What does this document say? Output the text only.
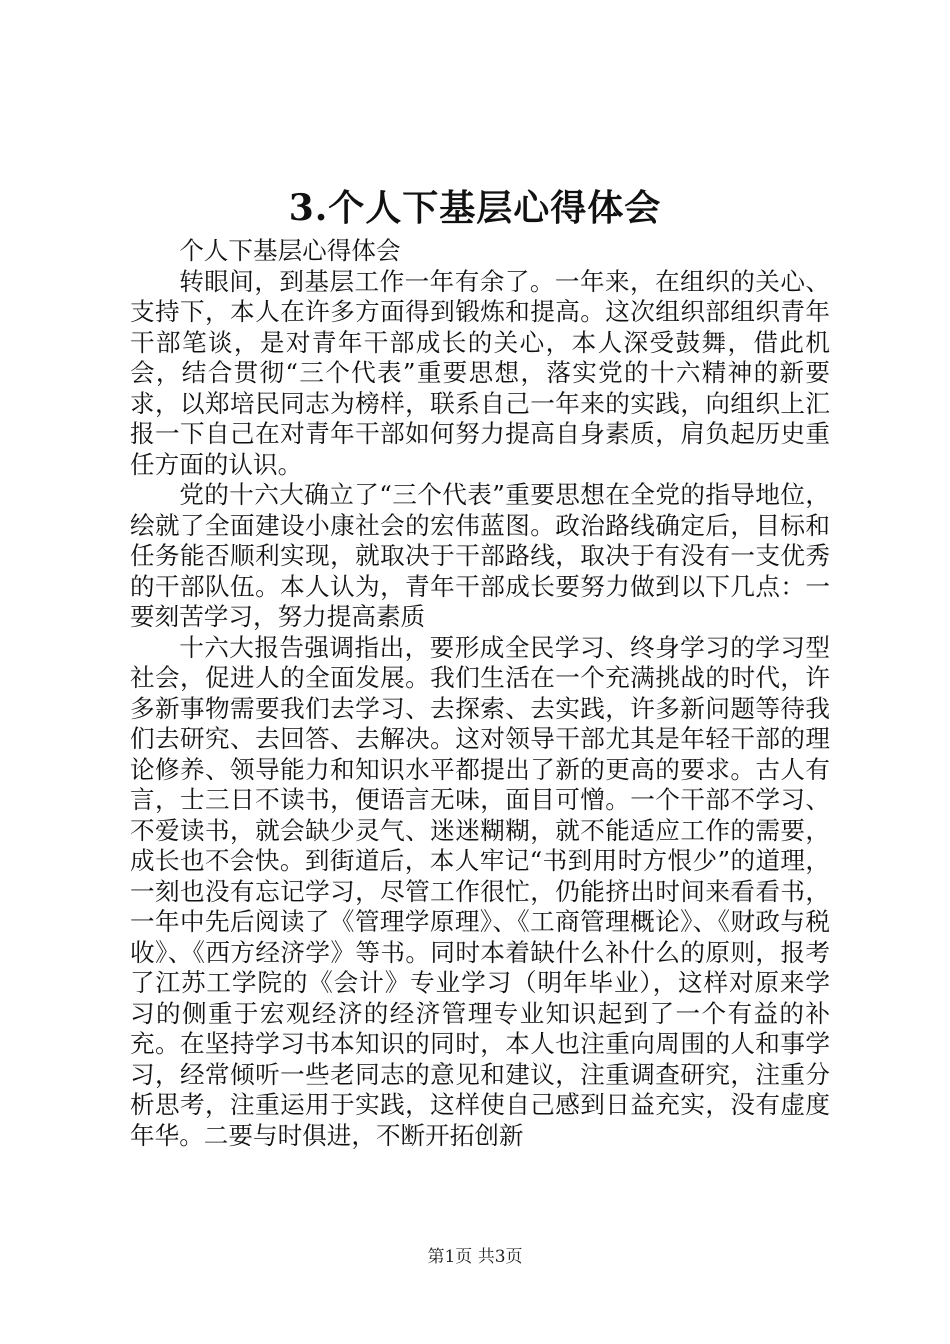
3.个人下基层心得体会

个人下基层心得体会

转眼间，到基层工作一年有余了。一年来，在组织的关心、支持下，本人在许多方面得到锻炼和提高。这次组织部组织青年干部笔谈，是对青年干部成长的关心，本人深受鼓舞，借此机会，结合贯彻“三个代表”重要思想，落实党的十六精神的新要求，以郑培民同志为榜样，联系自己一年来的实践，向组织上汇报一下自己在对青年干部如何努力提高自身素质，肩负起历史重任方面的认识。

党的十六大确立了“三个代表”重要思想在全党的指导地位，绘就了全面建设小康社会的宏伟蓝图。政治路线确定后，目标和任务能否顺利实现，就取决于干部路线，取决于有没有一支优秀的干部队伍。本人认为，青年干部成长要努力做到以下几点：一要刻苦学习，努力提高素质

十六大报告强调指出，要形成全民学习、终身学习的学习型社会，促进人的全面发展。我们生活在一个充满挑战的时代，许多新事物需要我们去学习、去探索、去实践，许多新问题等待我们去研究、去回答、去解决。这对领导干部尤其是年轻干部的理论修养、领导能力和知识水平都提出了新的更高的要求。古人有言，士三日不读书，便语言无味，面目可憎。一个干部不学习、不爱读书，就会缺少灵气、迷迷糊糊，就不能适应工作的需要，成长也不会快。到街道后，本人牢记“书到用时方恨少”的道理，一刻也没有忘记学习，尽管工作很忙，仍能挤出时间来看看书，一年中先后阅读了《管理学原理》、《工商管理概论》、《财政与税收》、《西方经济学》等书。同时本着缺什么补什么的原则，报考了江苏工学院的《会计》专业学习（明年毕业），这样对原来学习的侧重于宏观经济的经济管理专业知识起到了一个有益的补充。在坚持学习书本知识的同时，本人也注重向周围的人和事学习，经常倾听一些老同志的意见和建议，注重调查研究，注重分析思考，注重运用于实践，这样使自己感到日益充实，没有虚度年华。二要与时俱进，不断开拓创新

第1页 共3页
